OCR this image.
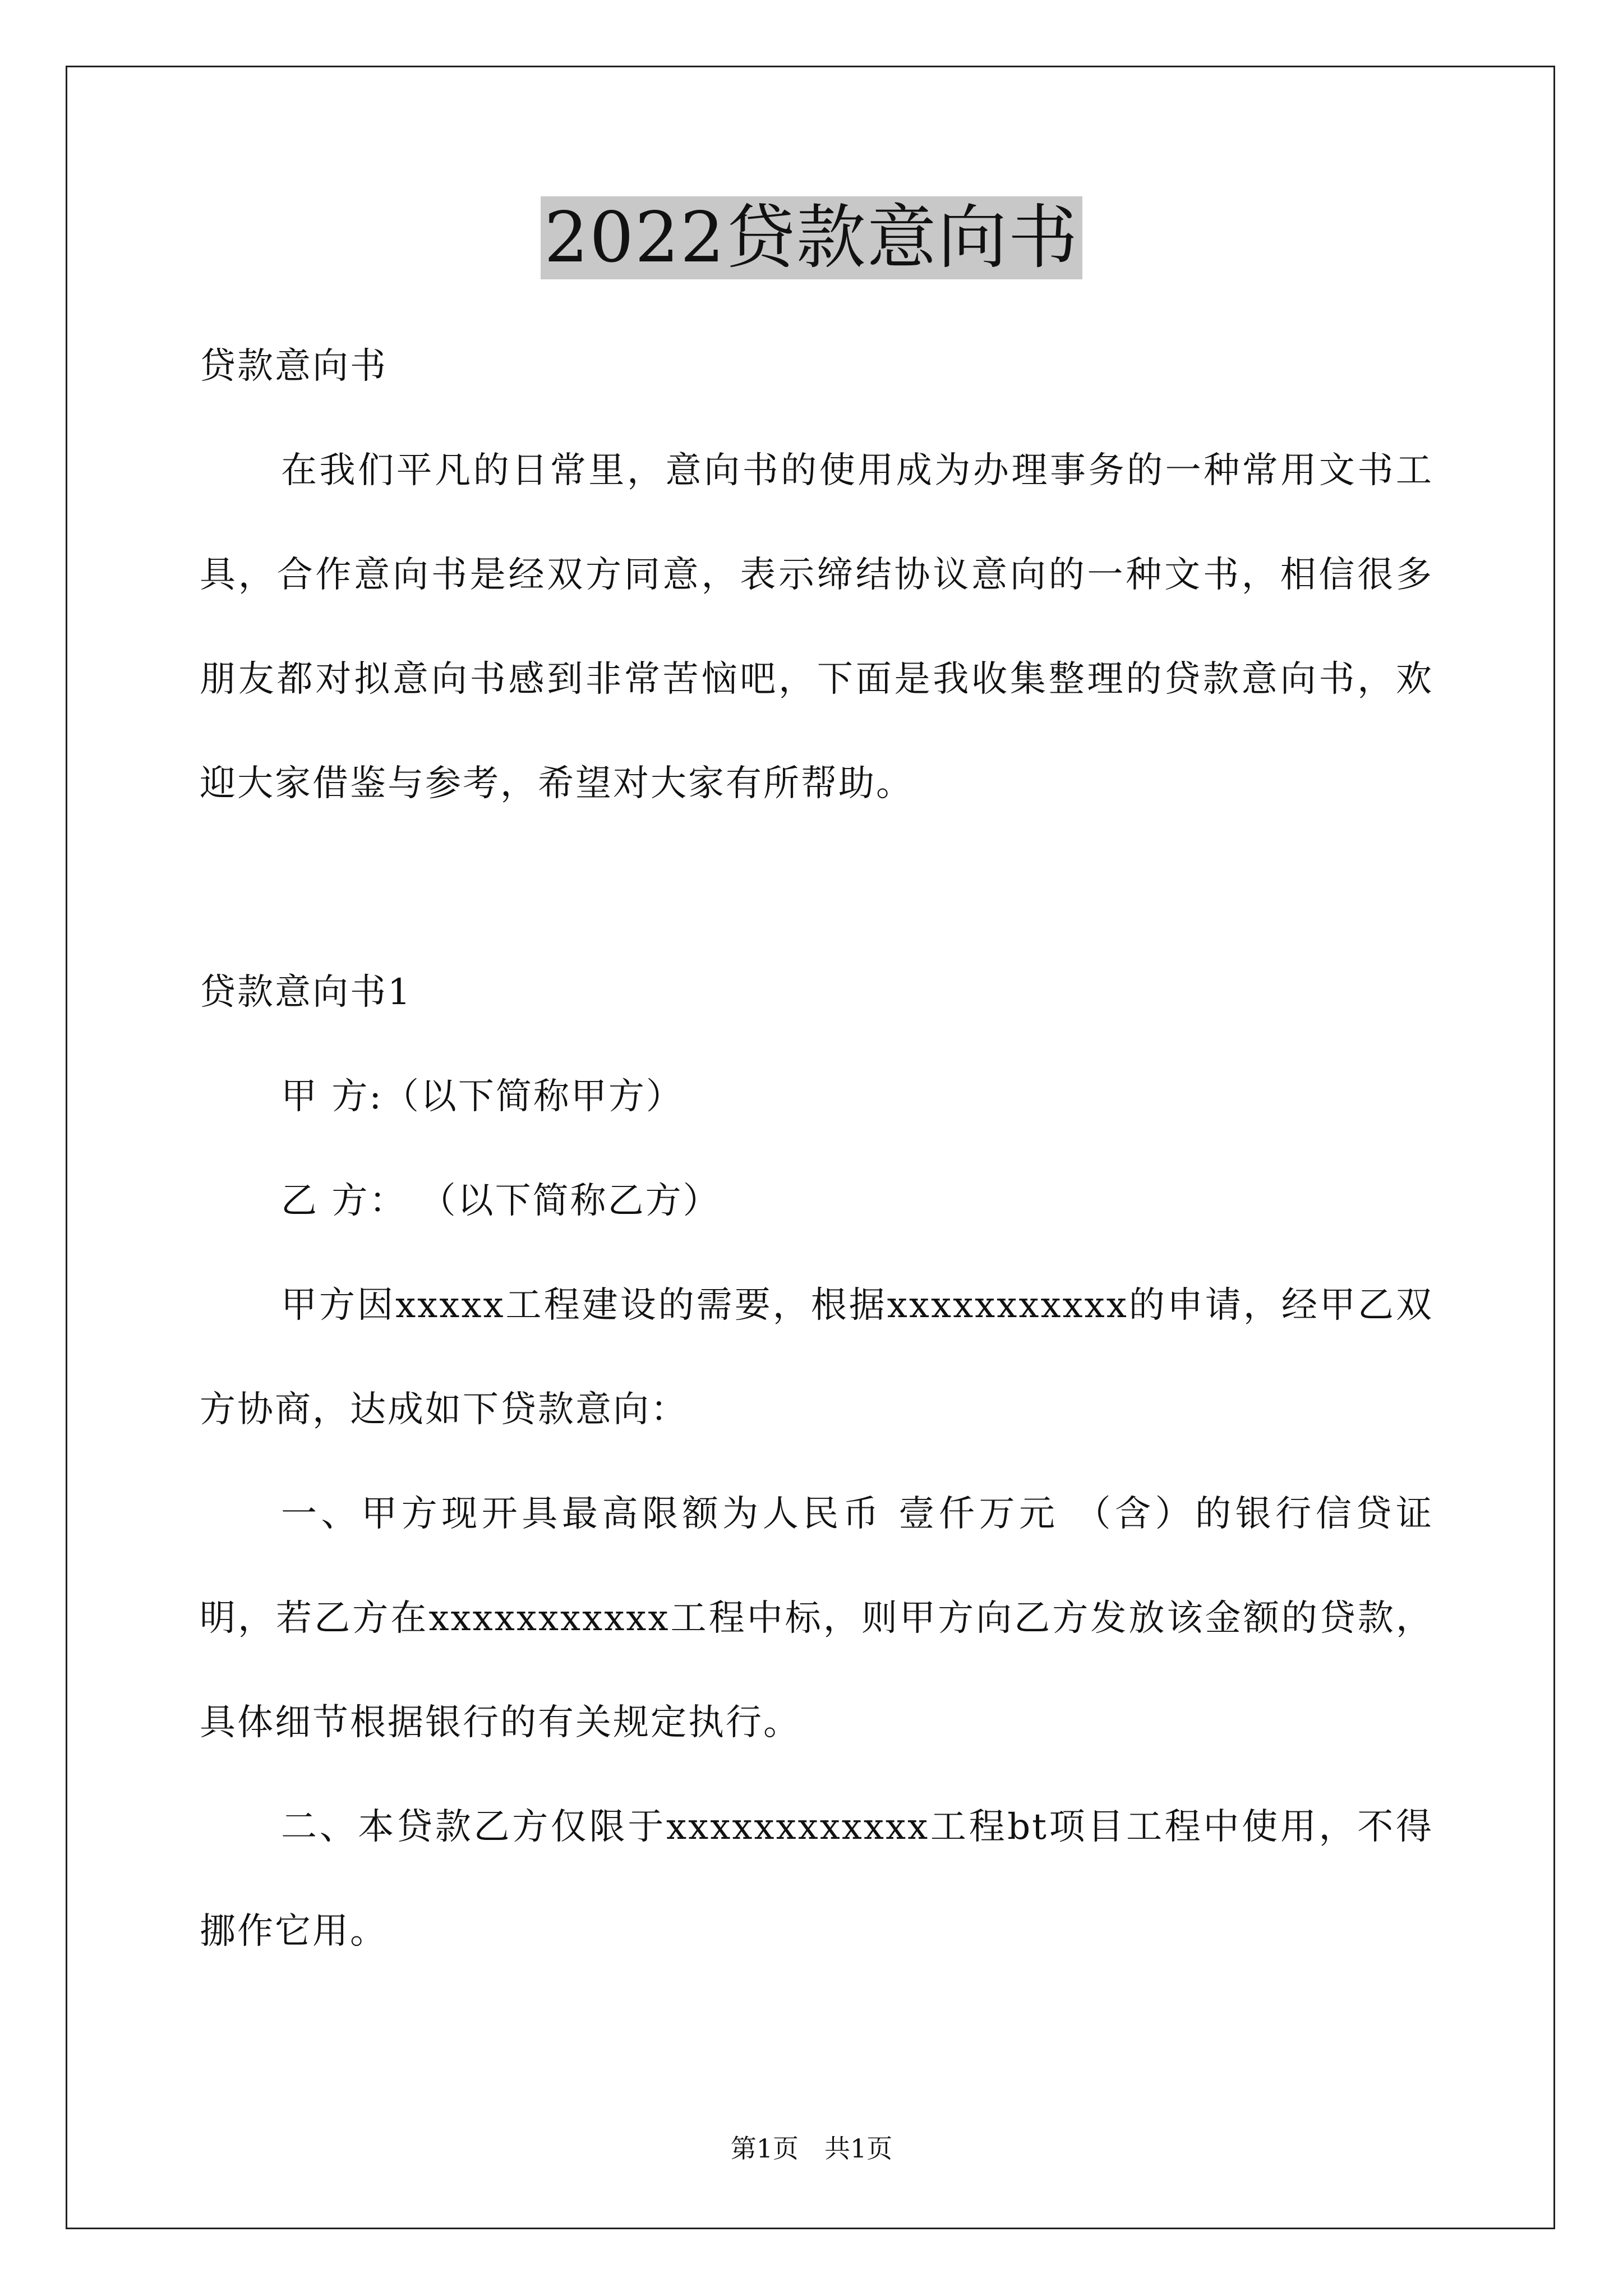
2022贷款意向书

贷款意向书

在我们平凡的日常里，意向书的使用成为办理事务的一种常用文书工具，合作意向书是经双方同意，表示缔结协议意向的一种文书，相信很多朋友都对拟意向书感到非常苦恼吧，下面是我收集整理的贷款意向书，欢迎大家借鉴与参考，希望对大家有所帮助。

贷款意向书1

甲 方:（以下简称甲方）

乙 方： （以下简称乙方）

甲方因xxxxx工程建设的需要，根据xxxxxxxxxxx的申请，经甲乙双方协商，达成如下贷款意向：

一、甲方现开具最高限额为人民币 壹仟万元 （含）的银行信贷证明，若乙方在xxxxxxxxxxx工程中标，则甲方向乙方发放该金额的贷款，具体细节根据银行的有关规定执行。

二、本贷款乙方仅限于xxxxxxxxxxxx工程bt项目工程中使用，不得挪作它用。

第1页　共1页
